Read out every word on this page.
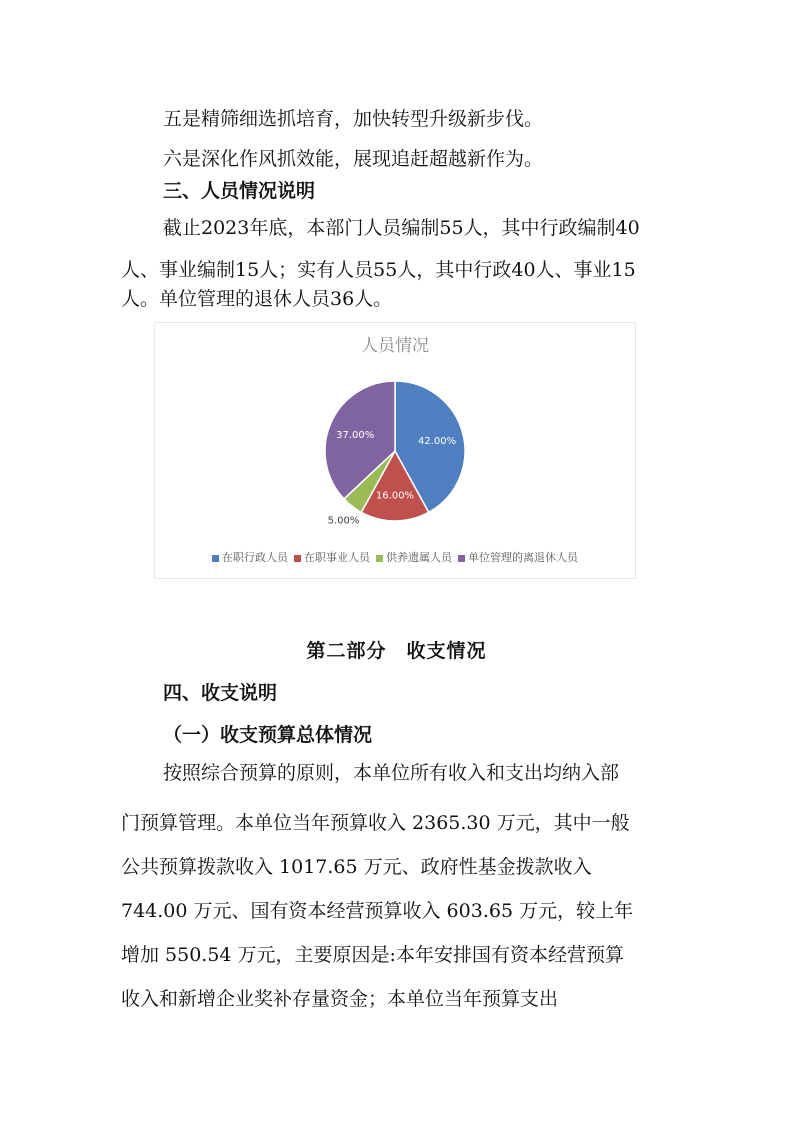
五是精筛细选抓培育，加快转型升级新步伐。

六是深化作风抓效能，展现追赶超越新作为。

三、人员情况说明

截止2023年底，本部门人员编制55人，其中行政编制40

人、事业编制15人；实有人员55人，其中行政40人、事业15

人。单位管理的退休人员36人。

人员情况
42.00%
16.00%
5.00%
37.00%
在职行政人员 在职事业人员 供养遗属人员 单位管理的离退休人员
第二部分　收支情况
四、收支说明
（一）收支预算总体情况

按照综合预算的原则，本单位所有收入和支出均纳入部

门预算管理。本单位当年预算收入 2365.30 万元，其中一般

公共预算拨款收入 1017.65 万元、政府性基金拨款收入

744.00 万元、国有资本经营预算收入 603.65 万元，较上年

增加 550.54 万元，主要原因是:本年安排国有资本经营预算

收入和新增企业奖补存量资金；本单位当年预算支出
